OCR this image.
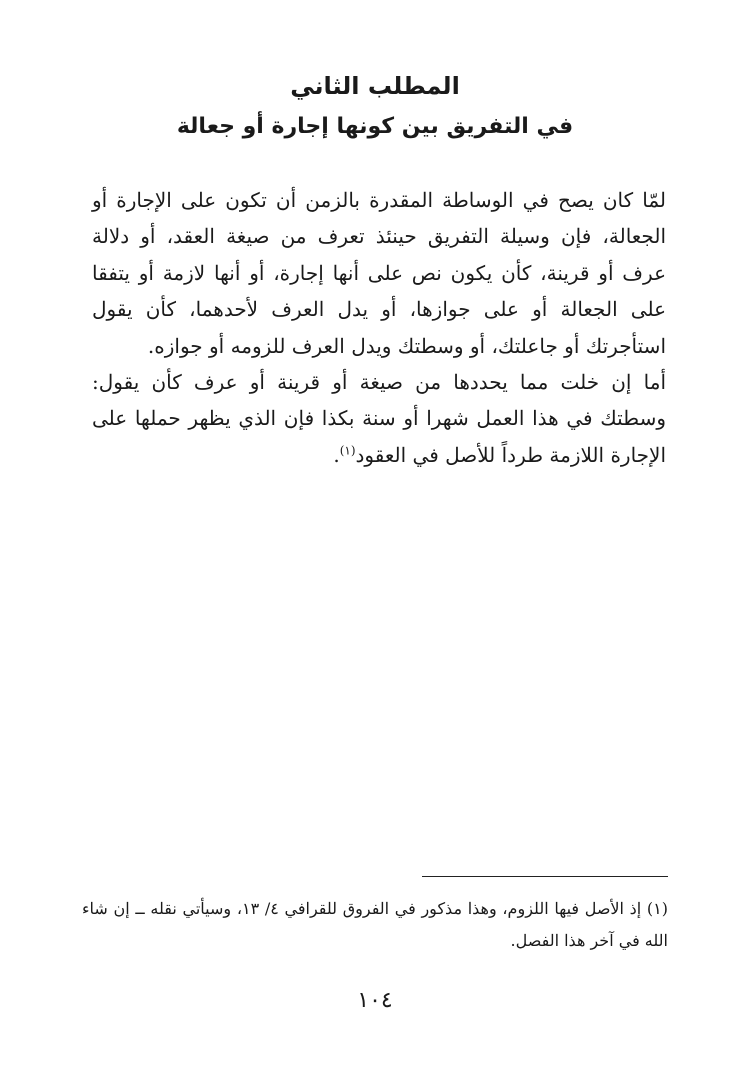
المطلب الثاني
في التفريق بين كونها إجارة أو جعالة

لمّا كان يصح في الوساطة المقدرة بالزمن أن تكون على الإجارة أو الجعالة، فإن وسيلة التفريق حينئذ تعرف من صيغة العقد، أو دلالة عرف أو قرينة، كأن يكون نص على أنها إجارة، أو أنها لازمة أو يتفقا على الجعالة أو على جوازها، أو يدل العرف لأحدهما، كأن يقول استأجرتك أو جاعلتك، أو وسطتك ويدل العرف للزومه أو جوازه.

أما إن خلت مما يحددها من صيغة أو قرينة أو عرف كأن يقول: وسطتك في هذا العمل شهرا أو سنة بكذا فإن الذي يظهر حملها على الإجارة اللازمة طرداً للأصل في العقود$^{(١)}$.

(١) إذ الأصل فيها اللزوم، وهذا مذكور في الفروق للقرافي ٤/ ١٣، وسيأتي نقله ــ إن شاء الله في آخر هذا الفصل.

١٠٤
